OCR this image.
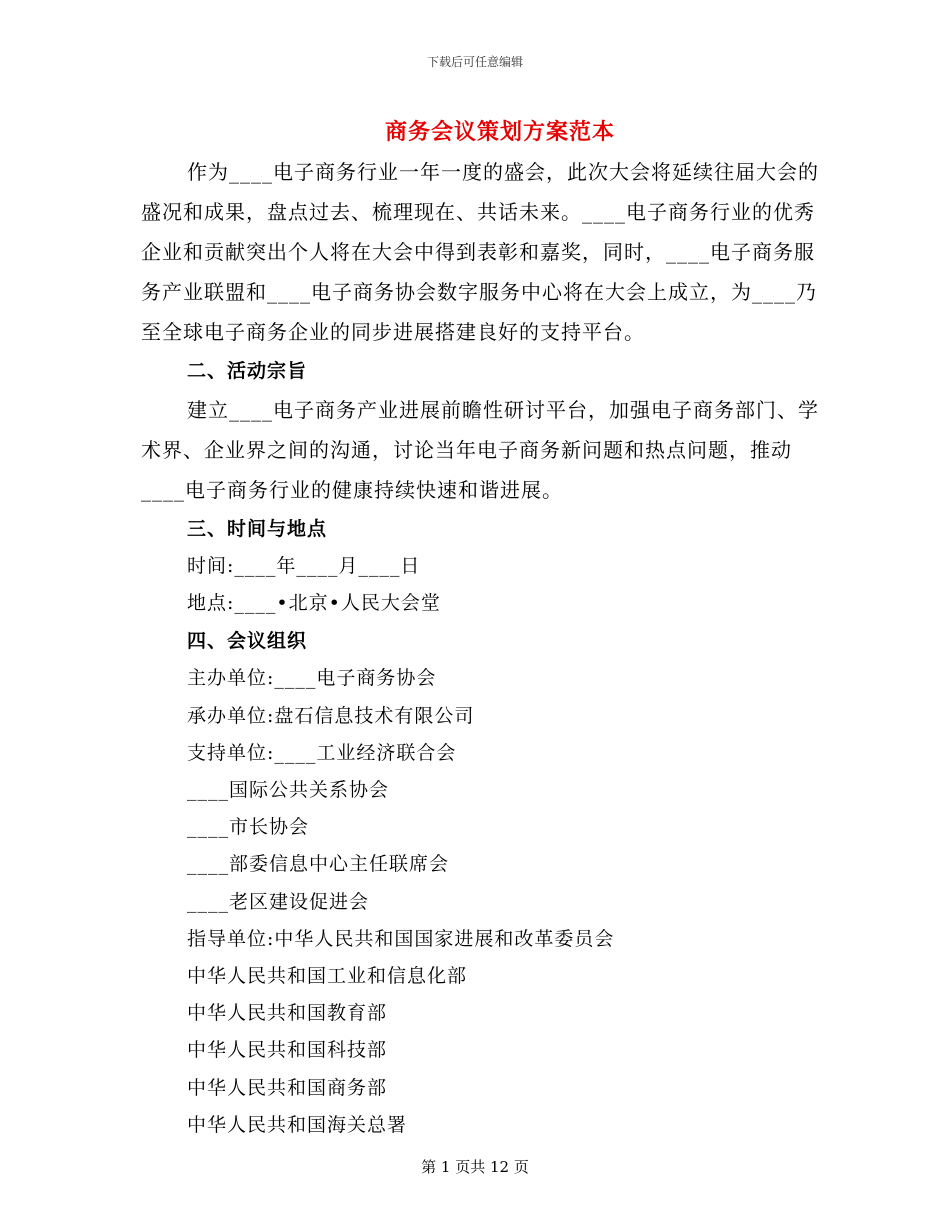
下载后可任意编辑
商务会议策划方案范本

作为____电子商务行业一年一度的盛会，此次大会将延续往届大会的盛况和成果，盘点过去、梳理现在、共话未来。____电子商务行业的优秀企业和贡献突出个人将在大会中得到表彰和嘉奖，同时，____电子商务服务产业联盟和____电子商务协会数字服务中心将在大会上成立，为____乃至全球电子商务企业的同步进展搭建良好的支持平台。

二、活动宗旨

建立____电子商务产业进展前瞻性研讨平台，加强电子商务部门、学术界、企业界之间的沟通，讨论当年电子商务新问题和热点问题，推动____电子商务行业的健康持续快速和谐进展。

三、时间与地点

时间:____年____月____日

地点:____•北京•人民大会堂

四、会议组织

主办单位:____电子商务协会

承办单位:盘石信息技术有限公司

支持单位:____工业经济联合会

____国际公共关系协会

____市长协会

____部委信息中心主任联席会

____老区建设促进会

指导单位:中华人民共和国国家进展和改革委员会

中华人民共和国工业和信息化部

中华人民共和国教育部

中华人民共和国科技部

中华人民共和国商务部

中华人民共和国海关总署

第 1 页共 12 页
